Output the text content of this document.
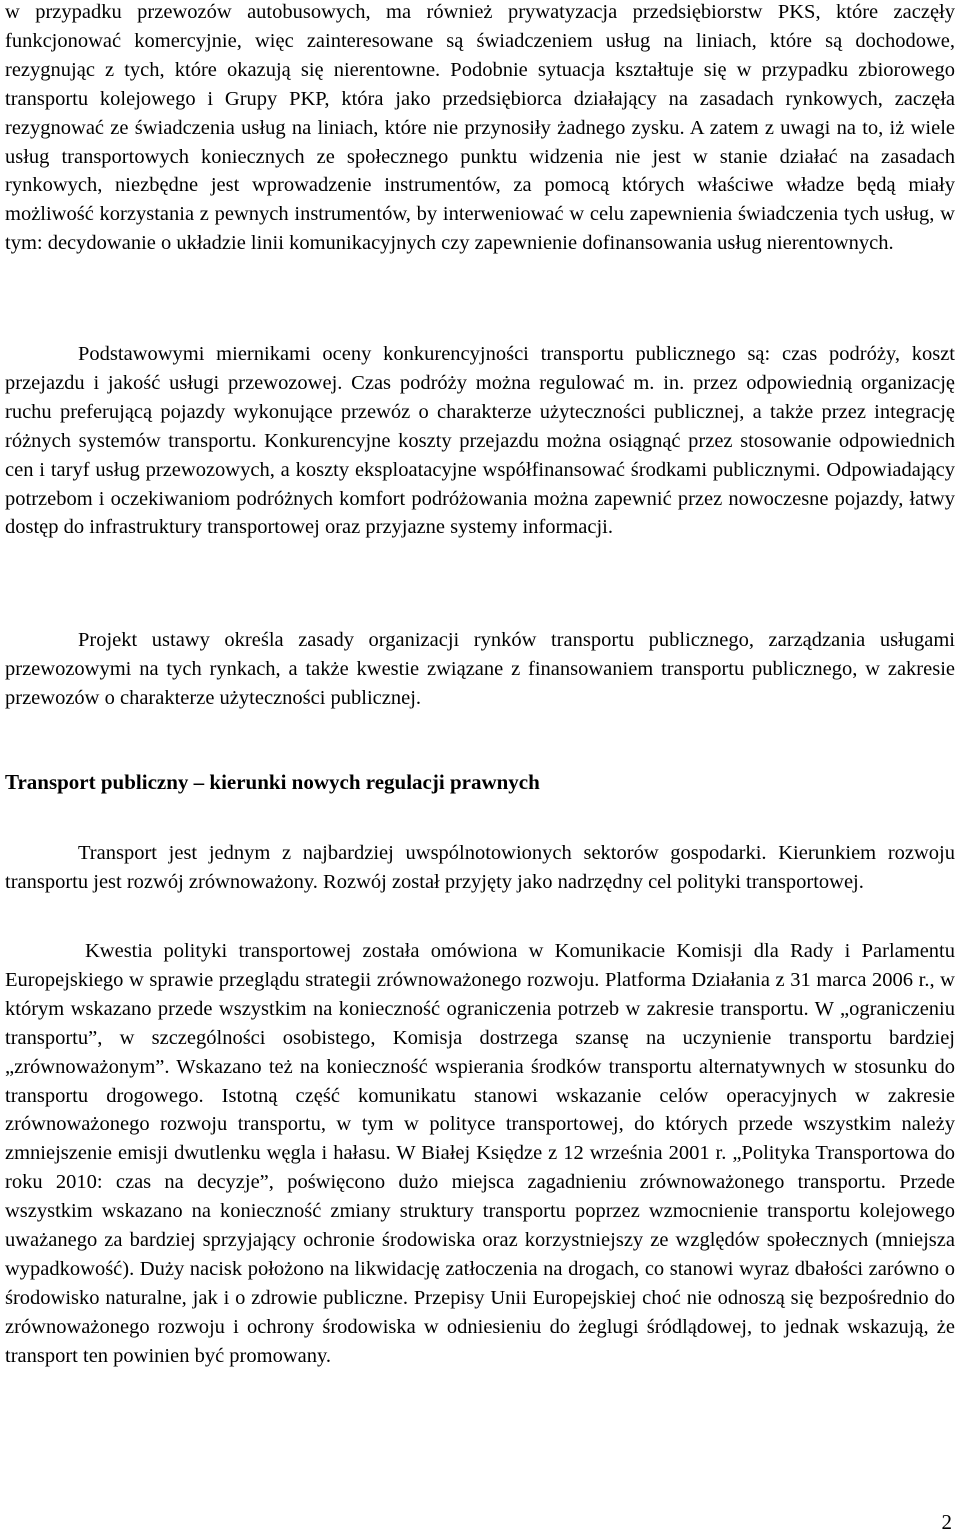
w przypadku przewozów autobusowych, ma również prywatyzacja przedsiębiorstw PKS, które zaczęły funkcjonować komercyjnie, więc zainteresowane są świadczeniem usług na liniach, które są dochodowe, rezygnując z tych, które okazują się nierentowne. Podobnie sytuacja kształtuje się w przypadku zbiorowego transportu kolejowego i Grupy PKP, która jako przedsiębiorca działający na zasadach rynkowych, zaczęła rezygnować ze świadczenia usług na liniach, które nie przynosiły żadnego zysku. A zatem z uwagi na to, iż wiele usług transportowych koniecznych ze społecznego punktu widzenia nie jest w stanie działać na zasadach rynkowych, niezbędne jest wprowadzenie instrumentów, za pomocą których właściwe władze będą miały możliwość korzystania z pewnych instrumentów, by interweniować w celu zapewnienia świadczenia tych usług, w tym: decydowanie o układzie linii komunikacyjnych czy zapewnienie dofinansowania usług nierentownych.

Podstawowymi miernikami oceny konkurencyjności transportu publicznego są: czas podróży, koszt przejazdu i jakość usługi przewozowej. Czas podróży można regulować m. in. przez odpowiednią organizację ruchu preferującą pojazdy wykonujące przewóz o charakterze użyteczności publicznej, a także przez integrację różnych systemów transportu. Konkurencyjne koszty przejazdu można osiągnąć przez stosowanie odpowiednich cen i taryf usług przewozowych, a koszty eksploatacyjne współfinansować środkami publicznymi. Odpowiadający potrzebom i oczekiwaniom podróżnych komfort podróżowania można zapewnić przez nowoczesne pojazdy, łatwy dostęp do infrastruktury transportowej oraz przyjazne systemy informacji.

Projekt ustawy określa zasady organizacji rynków transportu publicznego, zarządzania usługami przewozowymi na tych rynkach, a także kwestie związane z finansowaniem transportu publicznego, w zakresie przewozów o charakterze użyteczności publicznej.

Transport publiczny – kierunki nowych regulacji prawnych

Transport jest jednym z najbardziej uwspólnotowionych sektorów gospodarki. Kierunkiem rozwoju transportu jest rozwój zrównoważony. Rozwój został przyjęty jako nadrzędny cel polityki transportowej.

Kwestia polityki transportowej została omówiona w Komunikacie Komisji dla Rady i Parlamentu Europejskiego w sprawie przeglądu strategii zrównoważonego rozwoju. Platforma Działania z 31 marca 2006 r., w którym wskazano przede wszystkim na konieczność ograniczenia potrzeb w zakresie transportu. W „ograniczeniu transportu”, w szczególności osobistego, Komisja dostrzega szansę na uczynienie transportu bardziej „zrównoważonym”. Wskazano też na konieczność wspierania środków transportu alternatywnych w stosunku do transportu drogowego. Istotną część komunikatu stanowi wskazanie celów operacyjnych w zakresie zrównoważonego rozwoju transportu, w tym w polityce transportowej, do których przede wszystkim należy zmniejszenie emisji dwutlenku węgla i hałasu. W Białej Księdze z 12 września 2001 r. „Polityka Transportowa do roku 2010: czas na decyzje”, poświęcono dużo miejsca zagadnieniu zrównoważonego transportu. Przede wszystkim wskazano na konieczność zmiany struktury transportu poprzez wzmocnienie transportu kolejowego uważanego za bardziej sprzyjający ochronie środowiska oraz korzystniejszy ze względów społecznych (mniejsza wypadkowość). Duży nacisk położono na likwidację zatłoczenia na drogach, co stanowi wyraz dbałości zarówno o środowisko naturalne, jak i o zdrowie publiczne. Przepisy Unii Europejskiej choć nie odnoszą się bezpośrednio do zrównoważonego rozwoju i ochrony środowiska w odniesieniu do żeglugi śródlądowej, to jednak wskazują, że transport ten powinien być promowany.

2
